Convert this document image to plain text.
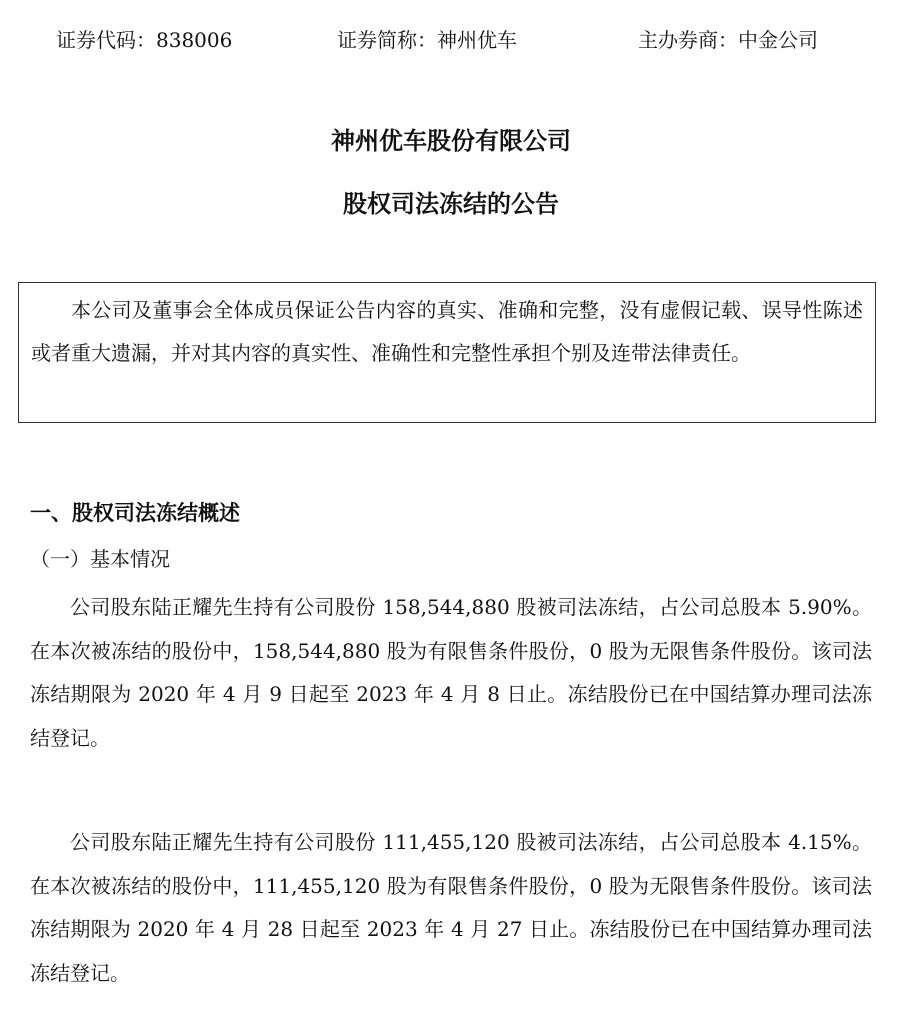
证券代码：838006	证券简称：神州优车	主办券商：中金公司
神州优车股份有限公司
股权司法冻结的公告
本公司及董事会全体成员保证公告内容的真实、准确和完整，没有虚假记载、误导性陈述或者重大遗漏，并对其内容的真实性、准确性和完整性承担个别及连带法律责任。
一、股权司法冻结概述
（一）基本情况
公司股东陆正耀先生持有公司股份 158,544,880 股被司法冻结，占公司总股本 5.90%。在本次被冻结的股份中，158,544,880 股为有限售条件股份，0 股为无限售条件股份。该司法冻结期限为 2020 年 4 月 9 日起至 2023 年 4 月 8 日止。冻结股份已在中国结算办理司法冻结登记。
公司股东陆正耀先生持有公司股份 111,455,120 股被司法冻结，占公司总股本 4.15%。在本次被冻结的股份中，111,455,120 股为有限售条件股份，0 股为无限售条件股份。该司法冻结期限为 2020 年 4 月 28 日起至 2023 年 4 月 27 日止。冻结股份已在中国结算办理司法冻结登记。
